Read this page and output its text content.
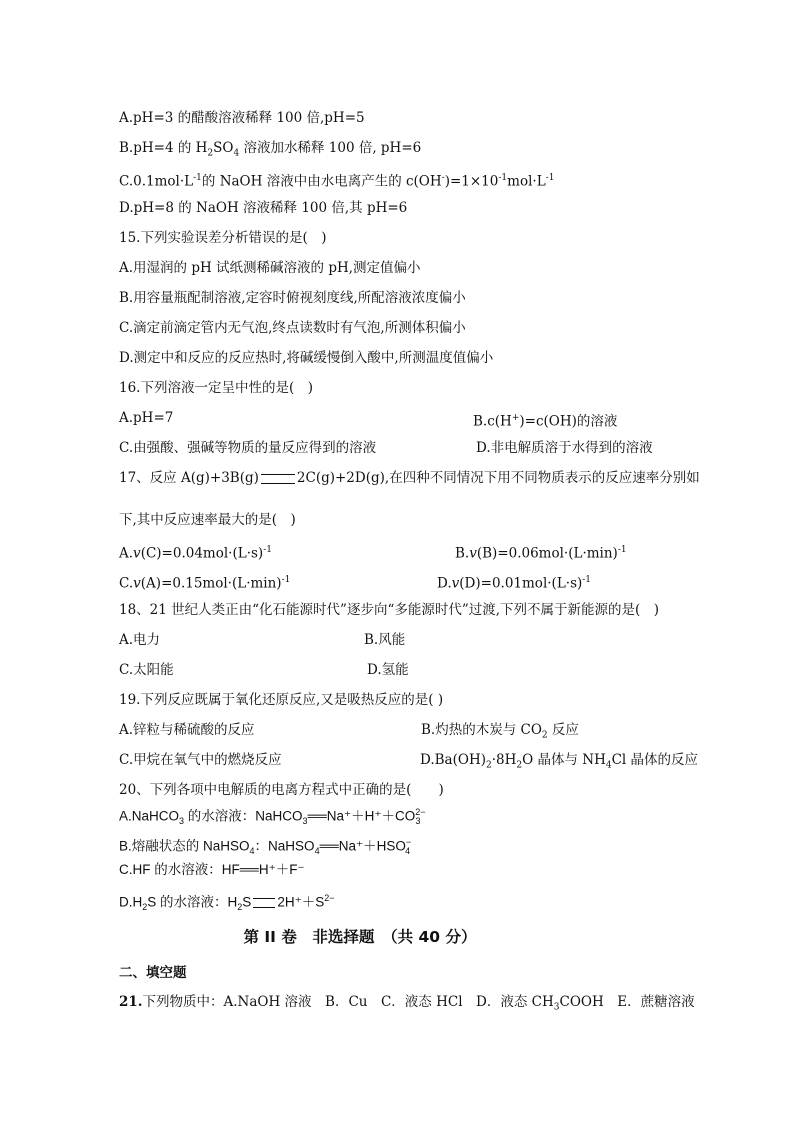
A.pH=3 的醋酸溶液稀释 100 倍,pH=5
B.pH=4 的 $H_2SO_4$ 溶液加水稀释 100 倍, pH=6
$C.0.1mol\cdot L^{-1}$的 NaOH 溶液中由水电离产生的 $c(OH^-)=1\times 10^{-1}mol\cdot L^{-1}$
D.pH=8 的 NaOH 溶液稀释 100 倍,其 pH=6
15.下列实验误差分析错误的是(　)
A.用湿润的 pH 试纸测稀碱溶液的 pH,测定值偏小
B.用容量瓶配制溶液,定容时俯视刻度线,所配溶液浓度偏小
C.滴定前滴定管内无气泡,终点读数时有气泡,所测体积偏小
D.测定中和反应的反应热时,将碱缓慢倒入酸中,所测温度值偏小
16.下列溶液一定呈中性的是(　)
A.pH=7	B.c(H+)=c(OH)的溶液
C.由强酸、强碱等物质的量反应得到的溶液	D.非电解质溶于水得到的溶液
17、反应 A(g)+3B(g)	2C(g)+2D(g),在四种不同情况下用不同物质表示的反应速率分别如
下,其中反应速率最大的是(　)
$A.v(C)=0.04mol\cdot(L\cdot s)^{-1}$	$B.v(B)=0.06mol\cdot(L\cdot\min)^{-1}$
$C.v(A)=0.15mol\cdot(L\cdot\min)^{-1}$	$D.v(D)=0.01mol\cdot(L\cdot s)^{-1}$
18、21 世纪人类正由“化石能源时代”逐步向“多能源时代”过渡,下列不属于新能源的是(　)
A.电力	B.风能
C.太阳能	D.氢能
19.下列反应既属于氧化还原反应,又是吸热反应的是( )
A.锌粒与稀硫酸的反应	B.灼热的木炭与 $CO_2$ 反应
C.甲烷在氧气中的燃烧反应	$D.Ba(OH)_2\cdot 8H_2O$ 晶体与 $NH_4Cl$ 晶体的反应
20、下列各项中电解质的电离方程式中正确的是(　　)
A.NaHCO$_3$ 的水溶液：$NaHCO_3══Na^++H^++CO^{2-}_3$
B.熔融状态的 NaHSO$_4$：$NaHSO_4══Na^++HSO^-_4$
C.HF 的水溶液：HF══H⁺＋F⁻
$D.H_2S$ 的水溶液：$H_2S$ $2H^++S^{2-}$
第 II 卷　非选择题　（共 40 分）
二、填空题
21.下列物质中：A.NaOH 溶液　B．Cu　C．液态 HCl　D．液态 $CH_3COOH$　E．蔗糖溶液
